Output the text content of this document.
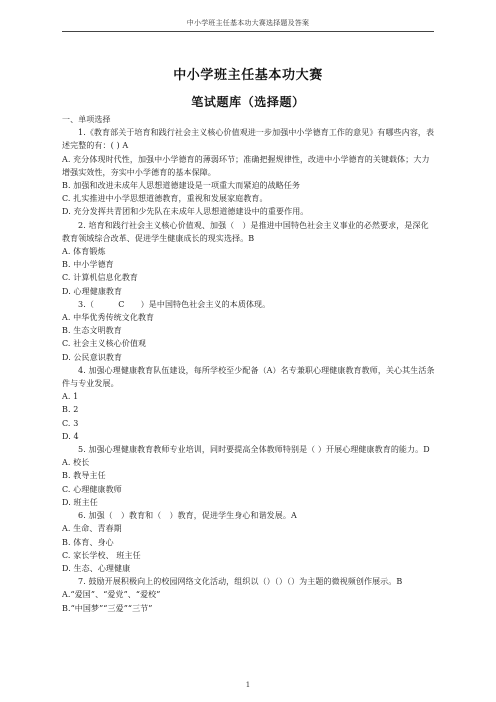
中小学班主任基本功大赛选择题及答案
中小学班主任基本功大赛
笔试题库（选择题）

一、单项选择

1.《教育部关于培育和践行社会主义核心价值观进一步加强中小学德育工作的意见》有哪些内容，表述完整的有：( ) A

A. 充分体现时代性，加强中小学德育的薄弱环节；准确把握规律性，改进中小学德育的关键载体；大力增强实效性，夯实中小学德育的基本保障。

B. 加强和改进未成年人思想道德建设是一项重大而紧迫的战略任务

C. 扎实推进中小学思想道德教育，重视和发展家庭教育。

D. 充分发挥共青团和少先队在未成年人思想道德建设中的重要作用。

2. 培育和践行社会主义核心价值观、加强（　）是推进中国特色社会主义事业的必然要求，是深化教育领域综合改革、促进学生健康成长的现实选择。B

A. 体育锻炼

B. 中小学德育

C. 计算机信息化教育

D. 心理健康教育

3.（　　　C　　）是中国特色社会主义的本质体现。

A. 中华优秀传统文化教育

B. 生态文明教育

C. 社会主义核心价值观

D. 公民意识教育

4. 加强心理健康教育队伍建设，每所学校至少配备（A）名专兼职心理健康教育教师，关心其生活条件与专业发展。

A. 1

B. 2

C. 3

D. 4

5. 加强心理健康教育教师专业培训，同时要提高全体教师特别是（ ）开展心理健康教育的能力。D

A. 校长

B. 教导主任

C. 心理健康教师

D. 班主任

6. 加强（　）教育和（　）教育，促进学生身心和谐发展。A

A. 生命、青春期

B. 体育、身心

C. 家长学校、 班主任

D. 生态、心理健康

7. 鼓励开展积极向上的校园网络文化活动，组织以（）（）（）为主题的微视频创作展示。B

A.“爱国”、“爱党”、“爱校”

B.“中国梦”“三爱”“三节”

1
